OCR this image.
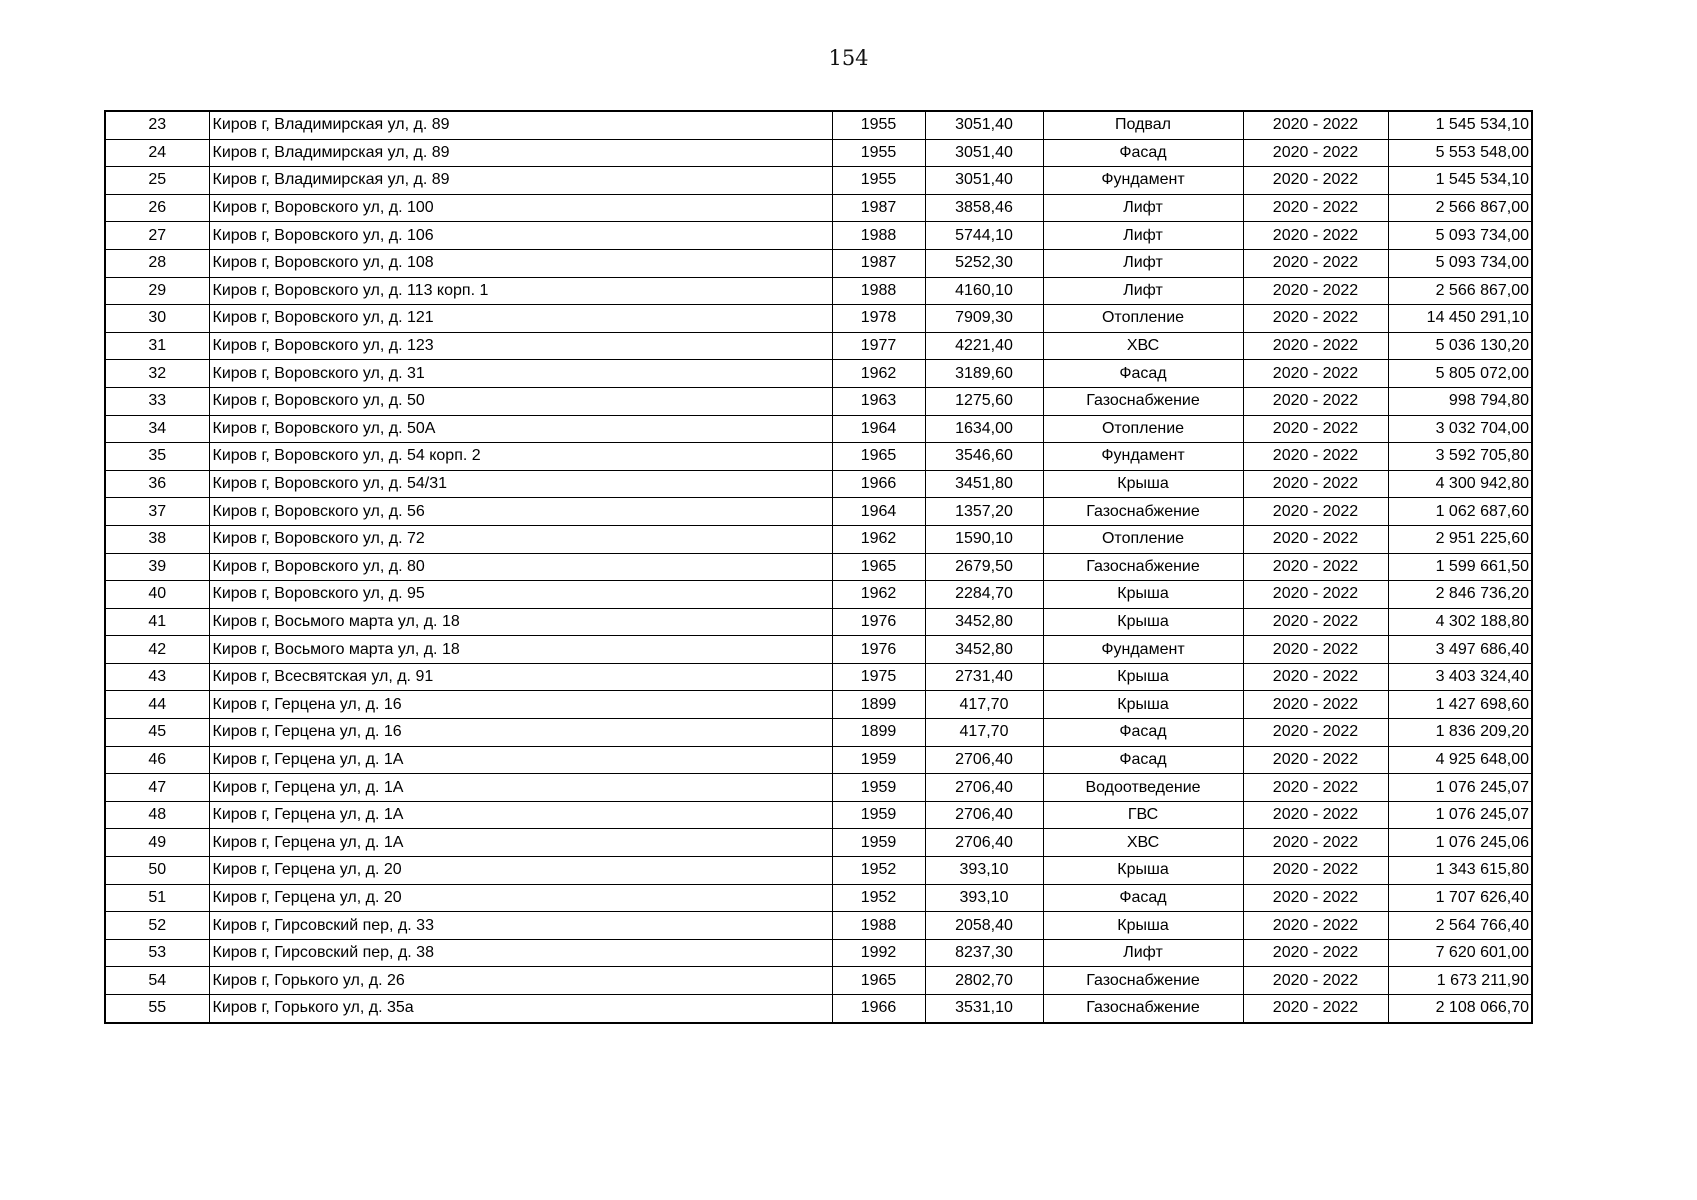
154
23	Киров г, Владимирская ул, д. 89	1955	3051,40	Подвал	2020 - 2022	1 545 534,10
24	Киров г, Владимирская ул, д. 89	1955	3051,40	Фасад	2020 - 2022	5 553 548,00
25	Киров г, Владимирская ул, д. 89	1955	3051,40	Фундамент	2020 - 2022	1 545 534,10
26	Киров г, Воровского ул, д. 100	1987	3858,46	Лифт	2020 - 2022	2 566 867,00
27	Киров г, Воровского ул, д. 106	1988	5744,10	Лифт	2020 - 2022	5 093 734,00
28	Киров г, Воровского ул, д. 108	1987	5252,30	Лифт	2020 - 2022	5 093 734,00
29	Киров г, Воровского ул, д. 113 корп. 1	1988	4160,10	Лифт	2020 - 2022	2 566 867,00
30	Киров г, Воровского ул, д. 121	1978	7909,30	Отопление	2020 - 2022	14 450 291,10
31	Киров г, Воровского ул, д. 123	1977	4221,40	ХВС	2020 - 2022	5 036 130,20
32	Киров г, Воровского ул, д. 31	1962	3189,60	Фасад	2020 - 2022	5 805 072,00
33	Киров г, Воровского ул, д. 50	1963	1275,60	Газоснабжение	2020 - 2022	998 794,80
34	Киров г, Воровского ул, д. 50А	1964	1634,00	Отопление	2020 - 2022	3 032 704,00
35	Киров г, Воровского ул, д. 54 корп. 2	1965	3546,60	Фундамент	2020 - 2022	3 592 705,80
36	Киров г, Воровского ул, д. 54/31	1966	3451,80	Крыша	2020 - 2022	4 300 942,80
37	Киров г, Воровского ул, д. 56	1964	1357,20	Газоснабжение	2020 - 2022	1 062 687,60
38	Киров г, Воровского ул, д. 72	1962	1590,10	Отопление	2020 - 2022	2 951 225,60
39	Киров г, Воровского ул, д. 80	1965	2679,50	Газоснабжение	2020 - 2022	1 599 661,50
40	Киров г, Воровского ул, д. 95	1962	2284,70	Крыша	2020 - 2022	2 846 736,20
41	Киров г, Восьмого марта ул, д. 18	1976	3452,80	Крыша	2020 - 2022	4 302 188,80
42	Киров г, Восьмого марта ул, д. 18	1976	3452,80	Фундамент	2020 - 2022	3 497 686,40
43	Киров г, Всесвятская ул, д. 91	1975	2731,40	Крыша	2020 - 2022	3 403 324,40
44	Киров г, Герцена ул, д. 16	1899	417,70	Крыша	2020 - 2022	1 427 698,60
45	Киров г, Герцена ул, д. 16	1899	417,70	Фасад	2020 - 2022	1 836 209,20
46	Киров г, Герцена ул, д. 1А	1959	2706,40	Фасад	2020 - 2022	4 925 648,00
47	Киров г, Герцена ул, д. 1А	1959	2706,40	Водоотведение	2020 - 2022	1 076 245,07
48	Киров г, Герцена ул, д. 1А	1959	2706,40	ГВС	2020 - 2022	1 076 245,07
49	Киров г, Герцена ул, д. 1А	1959	2706,40	ХВС	2020 - 2022	1 076 245,06
50	Киров г, Герцена ул, д. 20	1952	393,10	Крыша	2020 - 2022	1 343 615,80
51	Киров г, Герцена ул, д. 20	1952	393,10	Фасад	2020 - 2022	1 707 626,40
52	Киров г, Гирсовский пер, д. 33	1988	2058,40	Крыша	2020 - 2022	2 564 766,40
53	Киров г, Гирсовский пер, д. 38	1992	8237,30	Лифт	2020 - 2022	7 620 601,00
54	Киров г, Горького ул, д. 26	1965	2802,70	Газоснабжение	2020 - 2022	1 673 211,90
55	Киров г, Горького ул, д. 35а	1966	3531,10	Газоснабжение	2020 - 2022	2 108 066,70
